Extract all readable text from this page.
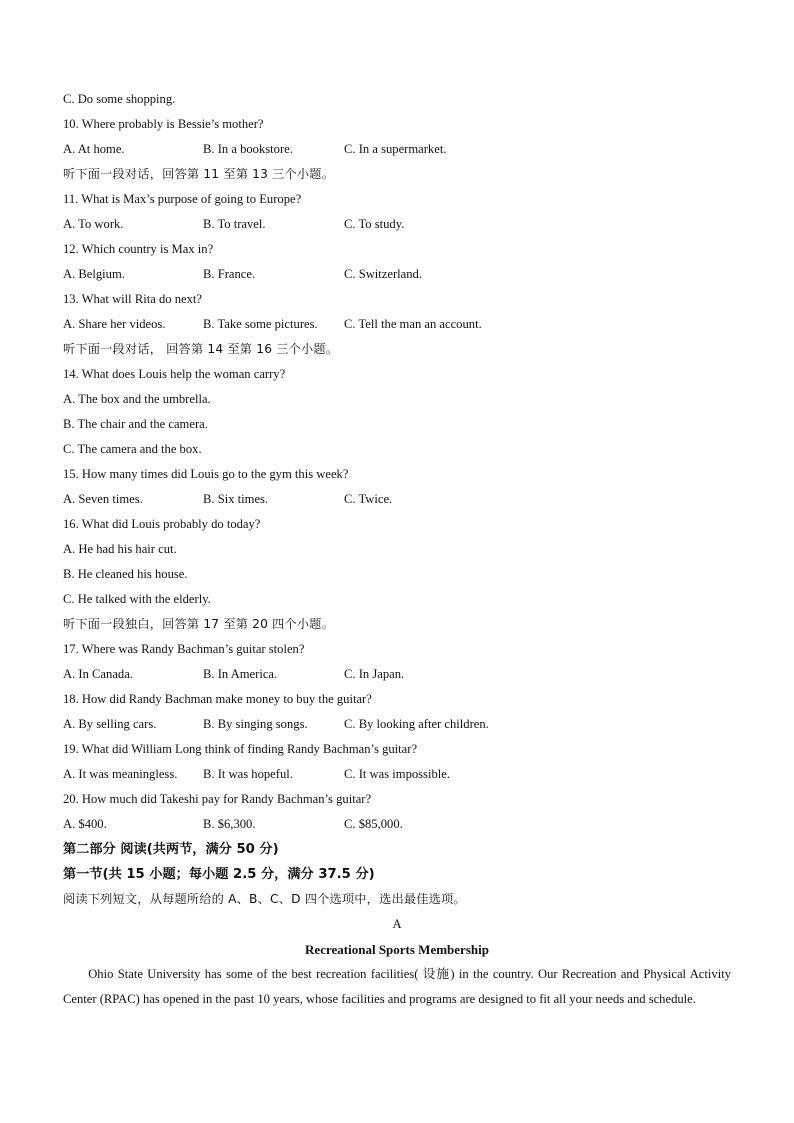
C. Do some shopping.
10. Where probably is Bessie’s mother?
A. At home.	B. In a bookstore.	C. In a supermarket.
听下面一段对话，回答第 11 至第 13 三个小题。
11. What is Max’s purpose of going to Europe?
A. To work.	B. To travel.	C. To study.
12. Which country is Max in?
A. Belgium.	B. France.	C. Switzerland.
13. What will Rita do next?
A. Share her videos.	B. Take some pictures.	C. Tell the man an account.
听下面一段对话， 回答第 14 至第 16 三个小题。
14. What does Louis help the woman carry?
A. The box and the umbrella.
B. The chair and the camera.
C. The camera and the box.
15. How many times did Louis go to the gym this week?
A. Seven times.	B. Six times.	C. Twice.
16. What did Louis probably do today?
A. He had his hair cut.
B. He cleaned his house.
C. He talked with the elderly.
听下面一段独白，回答第 17 至第 20 四个小题。
17. Where was Randy Bachman’s guitar stolen?
A. In Canada.	B. In America.	C. In Japan.
18. How did Randy Bachman make money to buy the guitar?
A. By selling cars.	B. By singing songs.	C. By looking after children.
19. What did William Long think of finding Randy Bachman’s guitar?
A. It was meaningless.	B. It was hopeful.	C. It was impossible.
20. How much did Takeshi pay for Randy Bachman’s guitar?
A. $400.	B. $6,300.	C. $85,000.
第二部分 阅读(共两节，满分 50 分)
第一节(共 15 小题；每小题 2.5 分，满分 37.5 分)
阅读下列短文，从每题所给的 A、B、C、D 四个选项中，选出最佳选项。
A
Recreational Sports Membership
Ohio State University has some of the best recreation facilities( 设施) in the country. Our Recreation and Physical Activity Center (RPAC) has opened in the past 10 years, whose facilities and programs are designed to fit all your needs and schedule.
